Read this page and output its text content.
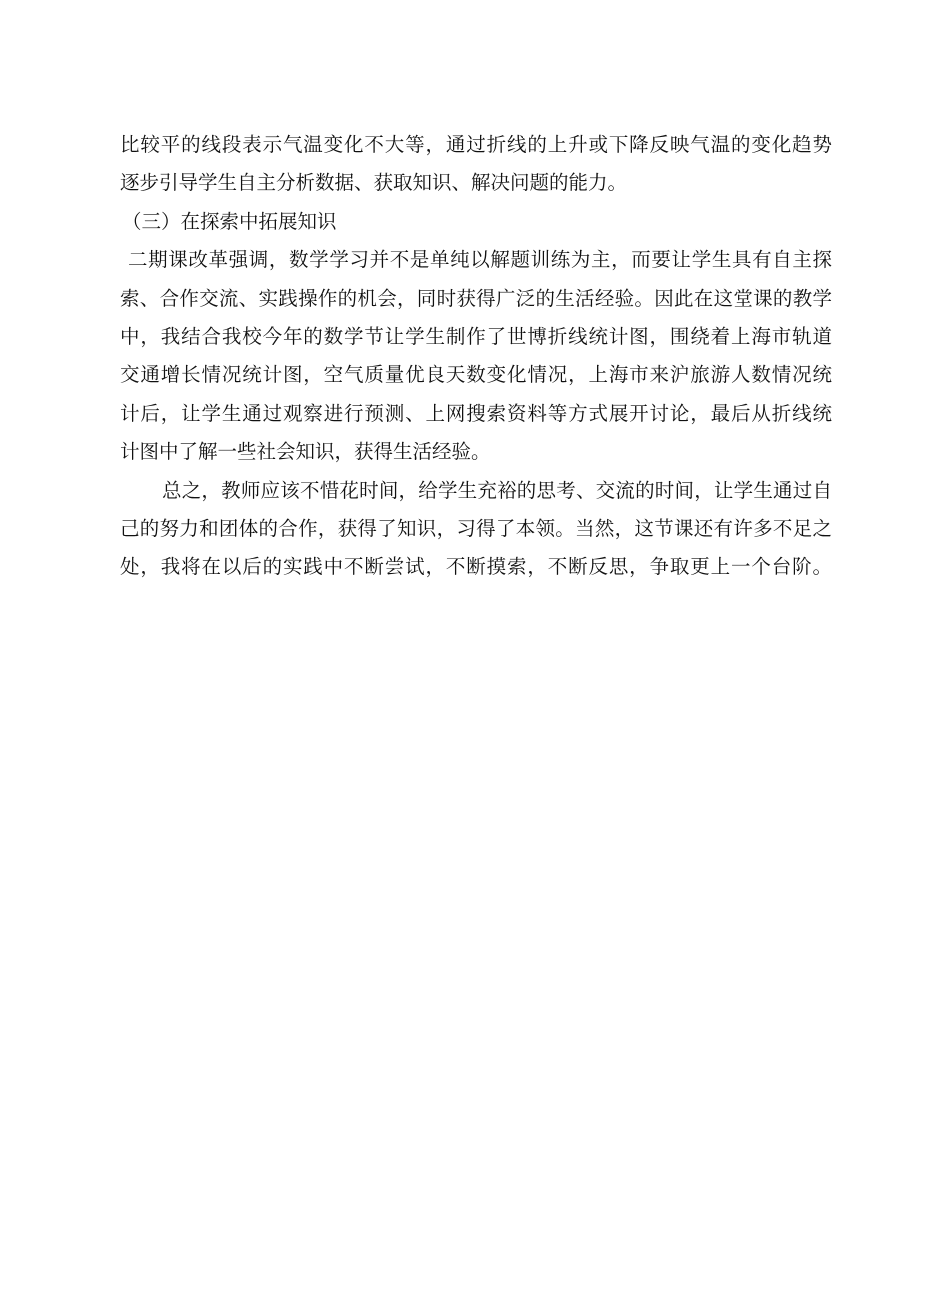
比较平的线段表示气温变化不大等，通过折线的上升或下降反映气温的变化趋势
逐步引导学生自主分析数据、获取知识、解决问题的能力。
（三）在探索中拓展知识
二期课改革强调，数学学习并不是单纯以解题训练为主，而要让学生具有自主探
索、合作交流、实践操作的机会，同时获得广泛的生活经验。因此在这堂课的教学
中，我结合我校今年的数学节让学生制作了世博折线统计图，围绕着上海市轨道
交通增长情况统计图，空气质量优良天数变化情况，上海市来沪旅游人数情况统
计后，让学生通过观察进行预测、上网搜索资料等方式展开讨论，最后从折线统
计图中了解一些社会知识，获得生活经验。
总之，教师应该不惜花时间，给学生充裕的思考、交流的时间，让学生通过自
己的努力和团体的合作，获得了知识，习得了本领。当然，这节课还有许多不足之
处，我将在以后的实践中不断尝试，不断摸索，不断反思，争取更上一个台阶。
